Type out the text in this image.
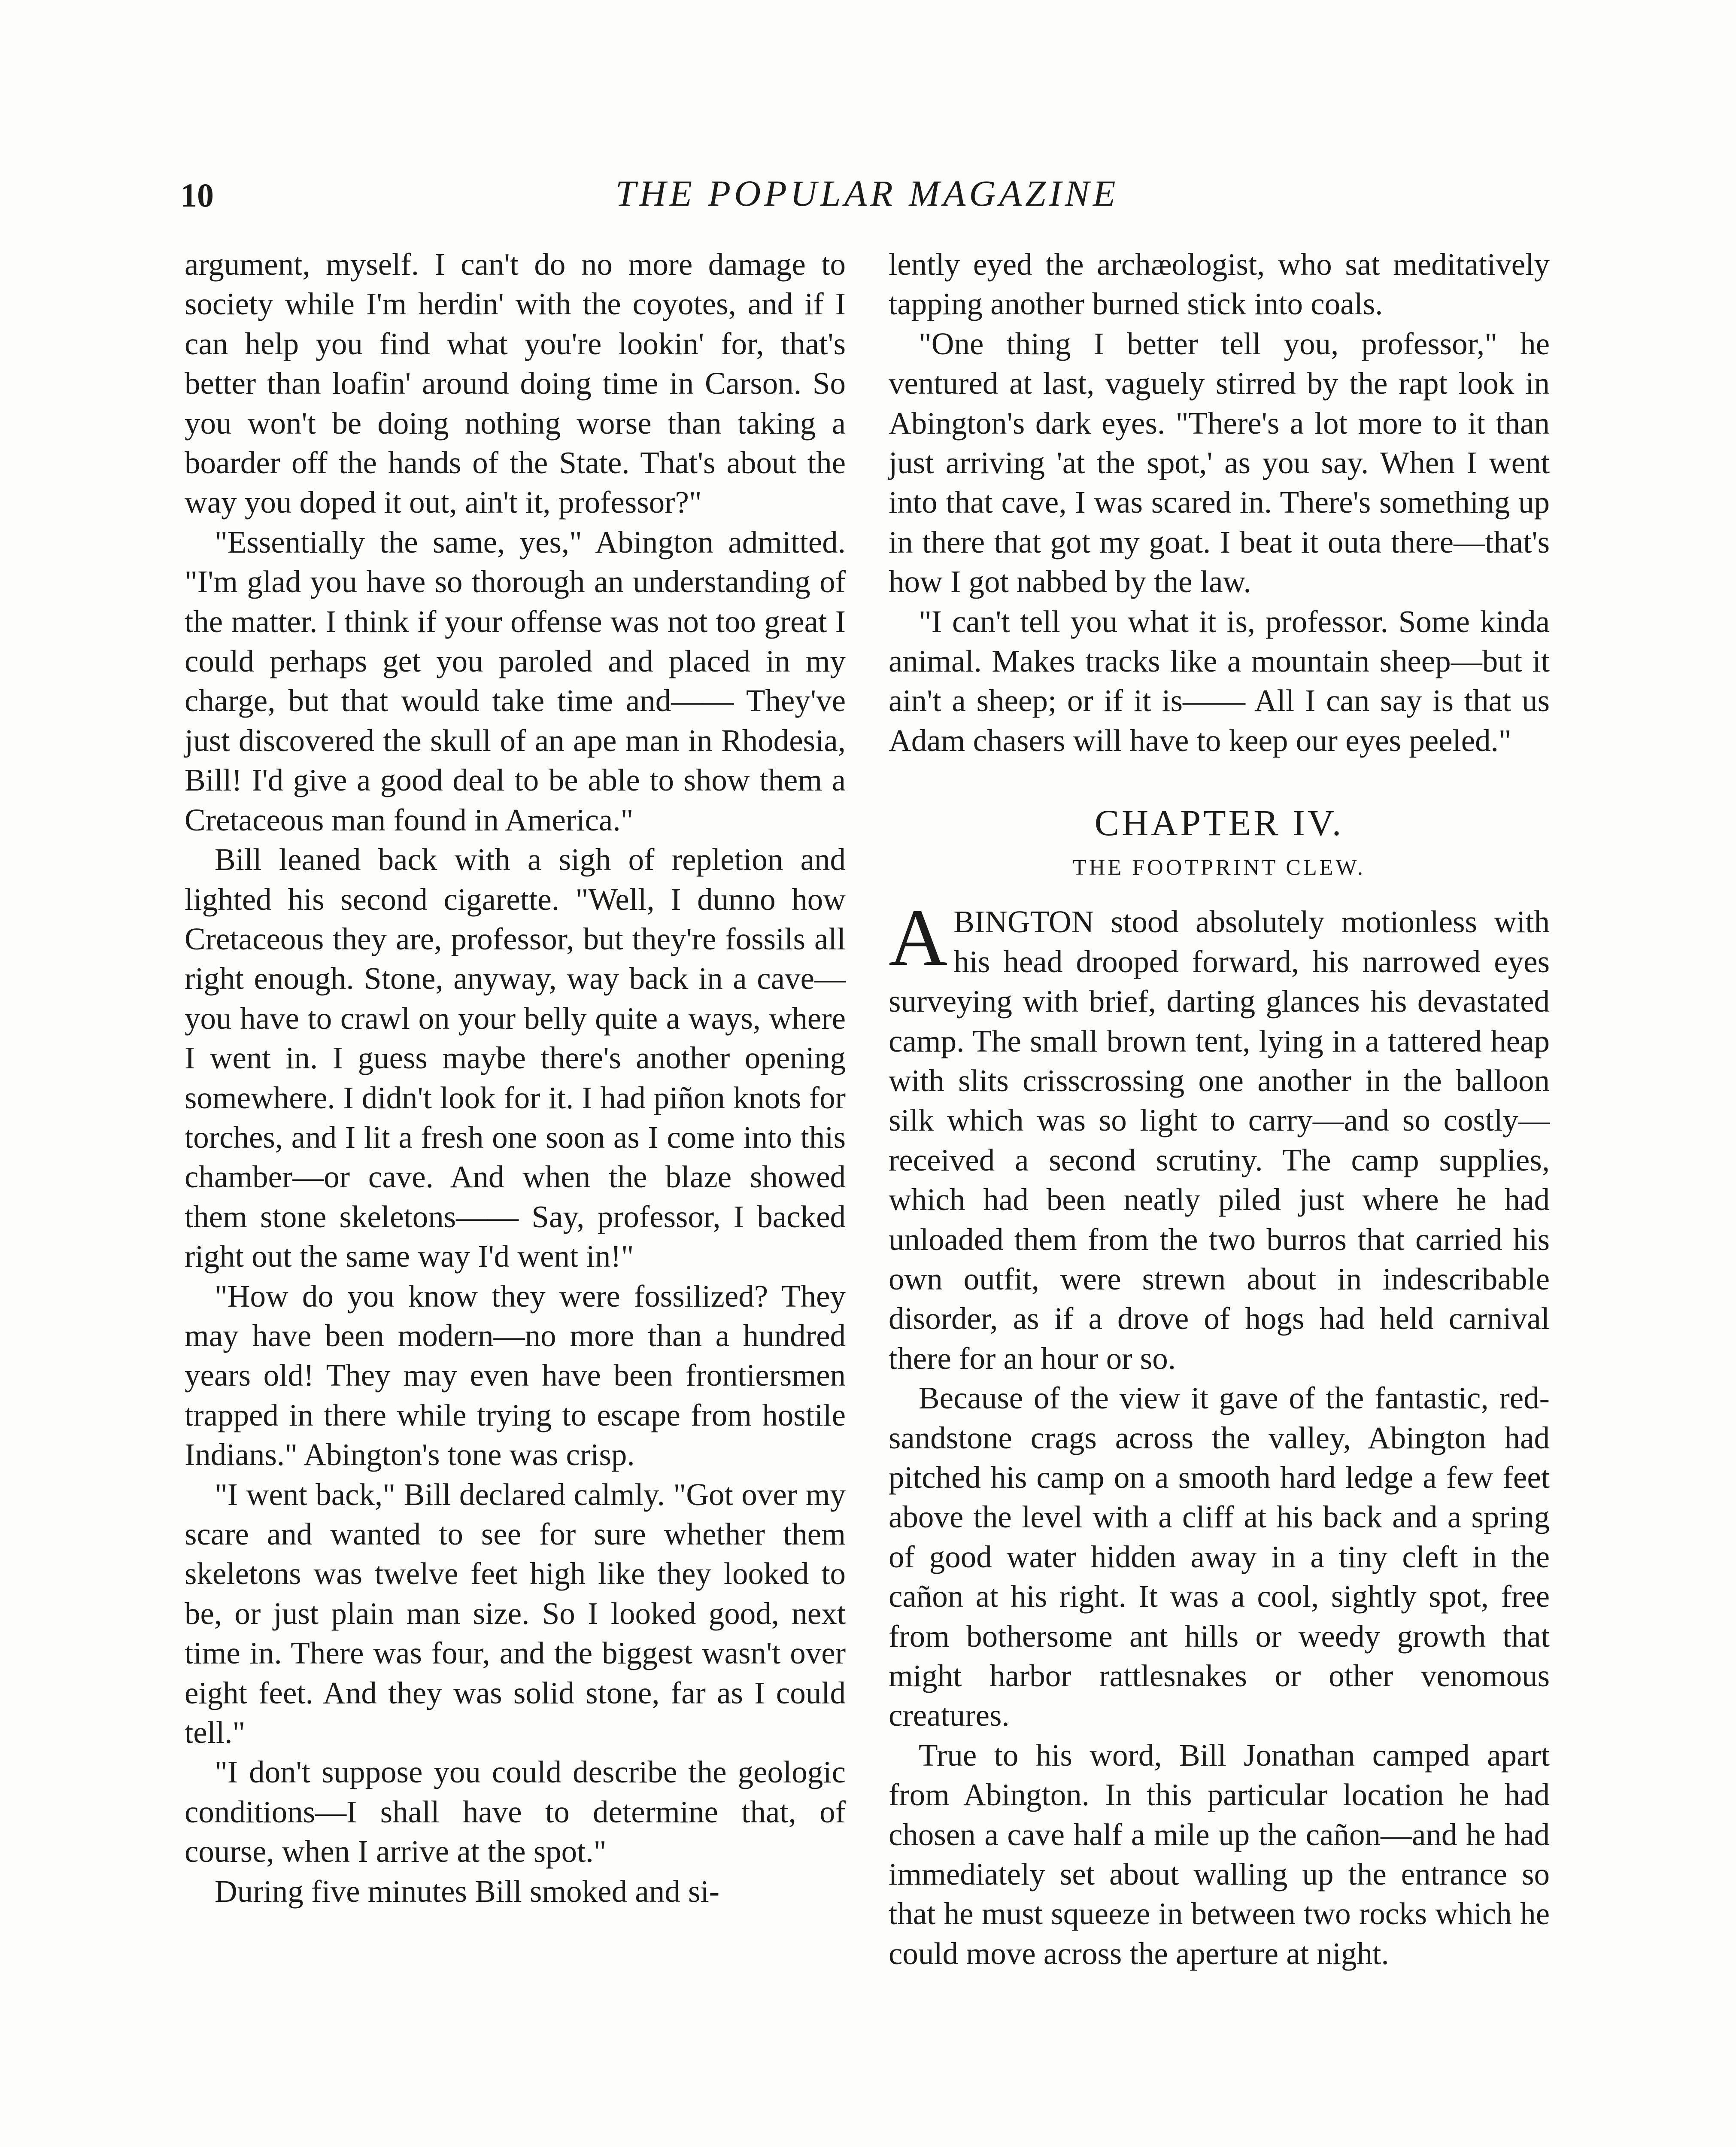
10	THE POPULAR MAGAZINE

argument, myself. I can't do no more damage to society while I'm herdin' with the coyotes, and if I can help you find what you're lookin' for, that's better than loafin' around doing time in Carson. So you won't be doing nothing worse than taking a boarder off the hands of the State. That's about the way you doped it out, ain't it, professor?"

"Essentially the same, yes," Abington admitted. "I'm glad you have so thorough an understanding of the matter. I think if your offense was not too great I could perhaps get you paroled and placed in my charge, but that would take time and—— They've just discovered the skull of an ape man in Rhodesia, Bill! I'd give a good deal to be able to show them a Cretaceous man found in America."

Bill leaned back with a sigh of repletion and lighted his second cigarette. "Well, I dunno how Cretaceous they are, professor, but they're fossils all right enough. Stone, anyway, way back in a cave—you have to crawl on your belly quite a ways, where I went in. I guess maybe there's another opening somewhere. I didn't look for it. I had piñon knots for torches, and I lit a fresh one soon as I come into this chamber—or cave. And when the blaze showed them stone skeletons—— Say, professor, I backed right out the same way I'd went in!"

"How do you know they were fossilized? They may have been modern—no more than a hundred years old! They may even have been frontiersmen trapped in there while trying to escape from hostile Indians." Abington's tone was crisp.

"I went back," Bill declared calmly. "Got over my scare and wanted to see for sure whether them skeletons was twelve feet high like they looked to be, or just plain man size. So I looked good, next time in. There was four, and the biggest wasn't over eight feet. And they was solid stone, far as I could tell."

"I don't suppose you could describe the geologic conditions—I shall have to determine that, of course, when I arrive at the spot."

During five minutes Bill smoked and si-

lently eyed the archæologist, who sat meditatively tapping another burned stick into coals.

"One thing I better tell you, professor," he ventured at last, vaguely stirred by the rapt look in Abington's dark eyes. "There's a lot more to it than just arriving 'at the spot,' as you say. When I went into that cave, I was scared in. There's something up in there that got my goat. I beat it outa there—that's how I got nabbed by the law.

"I can't tell you what it is, professor. Some kinda animal. Makes tracks like a mountain sheep—but it ain't a sheep; or if it is—— All I can say is that us Adam chasers will have to keep our eyes peeled."

CHAPTER IV.
THE FOOTPRINT CLEW.

ABINGTON stood absolutely motionless with his head drooped forward, his narrowed eyes surveying with brief, darting glances his devastated camp. The small brown tent, lying in a tattered heap with slits crisscrossing one another in the balloon silk which was so light to carry—and so costly—received a second scrutiny. The camp supplies, which had been neatly piled just where he had unloaded them from the two burros that carried his own outfit, were strewn about in indescribable disorder, as if a drove of hogs had held carnival there for an hour or so.

Because of the view it gave of the fantastic, red-sandstone crags across the valley, Abington had pitched his camp on a smooth hard ledge a few feet above the level with a cliff at his back and a spring of good water hidden away in a tiny cleft in the cañon at his right. It was a cool, sightly spot, free from bothersome ant hills or weedy growth that might harbor rattlesnakes or other venomous creatures.

True to his word, Bill Jonathan camped apart from Abington. In this particular location he had chosen a cave half a mile up the cañon—and he had immediately set about walling up the entrance so that he must squeeze in between two rocks which he could move across the aperture at night.
